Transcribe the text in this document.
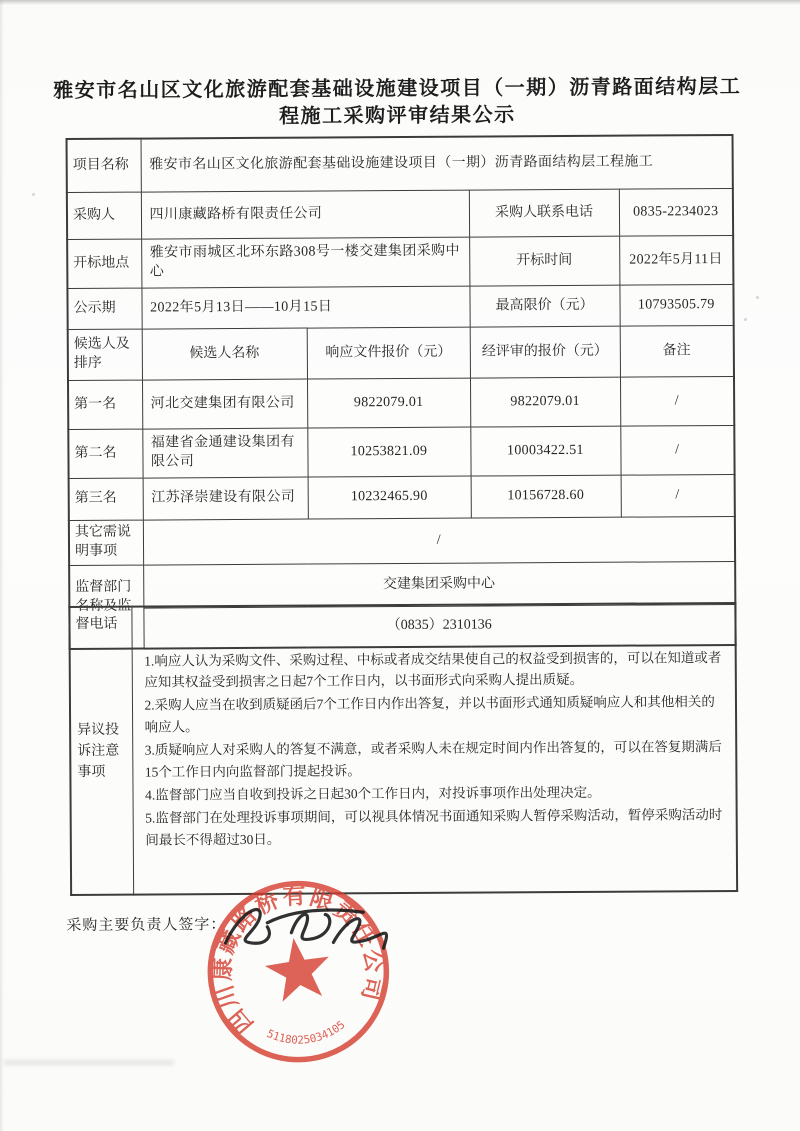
雅安市名山区文化旅游配套基础设施建设项目（一期）沥青路面结构层工
程施工采购评审结果公示
项目名称	雅安市名山区文化旅游配套基础设施建设项目（一期）沥青路面结构层工程施工			
采购人	四川康藏路桥有限责任公司		采购人联系电话	0835-2234023
开标地点	雅安市雨城区北环东路308号一楼交建集团采购中心		开标时间	2022年5月11日
公示期	2022年5月13日——10月15日		最高限价（元）	10793505.79
候选人及排序	候选人名称	响应文件报价（元）	经评审的报价（元）	备注
第一名	河北交建集团有限公司	9822079.01	9822079.01	/
第二名	福建省金通建设集团有限公司	10253821.09	10003422.51	/
第三名	江苏泽崇建设有限公司	10232465.90	10156728.60	/
其它需说明事项	/			
监督部门名称及监督电话	交建集团采购中心			
	（0835）2310136			
异议投诉注意事项	
1.响应人认为采购文件、采购过程、中标或者成交结果使自己的权益受到损害的，可以在知道或者应知其权益受到损害之日起7个工作日内，以书面形式向采购人提出质疑。
2.采购人应当在收到质疑函后7个工作日内作出答复，并以书面形式通知质疑响应人和其他相关的响应人。
3.质疑响应人对采购人的答复不满意，或者采购人未在规定时间内作出答复的，可以在答复期满后15个工作日内向监督部门提起投诉。
4.监督部门应当自收到投诉之日起30个工作日内，对投诉事项作出处理决定。
5.监督部门在处理投诉事项期间，可以视具体情况书面通知采购人暂停采购活动，暂停采购活动时间最长不得超过30日。
采购主要负责人签字：
四川康藏路桥有限责任公司
5118025034105
